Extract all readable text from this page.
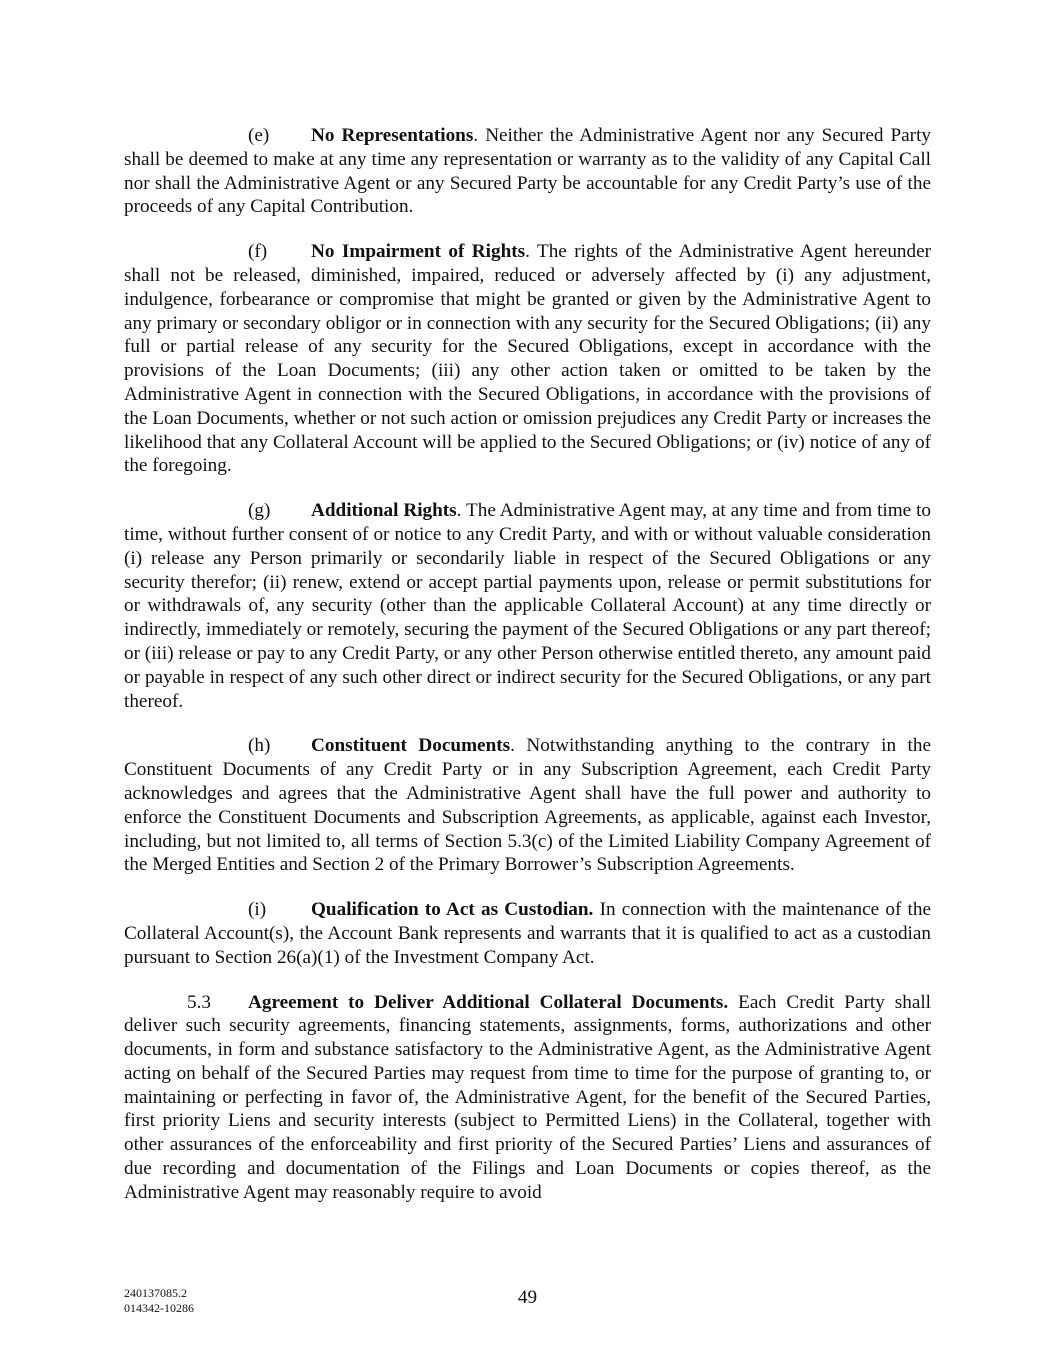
(e) No Representations. Neither the Administrative Agent nor any Secured Party shall be deemed to make at any time any representation or warranty as to the validity of any Capital Call nor shall the Administrative Agent or any Secured Party be accountable for any Credit Party’s use of the proceeds of any Capital Contribution.

(f) No Impairment of Rights. The rights of the Administrative Agent hereunder shall not be released, diminished, impaired, reduced or adversely affected by (i) any adjustment, indulgence, forbearance or compromise that might be granted or given by the Administrative Agent to any primary or secondary obligor or in connection with any security for the Secured Obligations; (ii) any full or partial release of any security for the Secured Obligations, except in accordance with the provisions of the Loan Documents; (iii) any other action taken or omitted to be taken by the Administrative Agent in connection with the Secured Obligations, in accordance with the provisions of the Loan Documents, whether or not such action or omission prejudices any Credit Party or increases the likelihood that any Collateral Account will be applied to the Secured Obligations; or (iv) notice of any of the foregoing.

(g) Additional Rights. The Administrative Agent may, at any time and from time to time, without further consent of or notice to any Credit Party, and with or without valuable consideration (i) release any Person primarily or secondarily liable in respect of the Secured Obligations or any security therefor; (ii) renew, extend or accept partial payments upon, release or permit substitutions for or withdrawals of, any security (other than the applicable Collateral Account) at any time directly or indirectly, immediately or remotely, securing the payment of the Secured Obligations or any part thereof; or (iii) release or pay to any Credit Party, or any other Person otherwise entitled thereto, any amount paid or payable in respect of any such other direct or indirect security for the Secured Obligations, or any part thereof.

(h) Constituent Documents. Notwithstanding anything to the contrary in the Constituent Documents of any Credit Party or in any Subscription Agreement, each Credit Party acknowledges and agrees that the Administrative Agent shall have the full power and authority to enforce the Constituent Documents and Subscription Agreements, as applicable, against each Investor, including, but not limited to, all terms of Section 5.3(c) of the Limited Liability Company Agreement of the Merged Entities and Section 2 of the Primary Borrower’s Subscription Agreements.

(i) Qualification to Act as Custodian. In connection with the maintenance of the Collateral Account(s), the Account Bank represents and warrants that it is qualified to act as a custodian pursuant to Section 26(a)(1) of the Investment Company Act.

5.3 Agreement to Deliver Additional Collateral Documents. Each Credit Party shall deliver such security agreements, financing statements, assignments, forms, authorizations and other documents, in form and substance satisfactory to the Administrative Agent, as the Administrative Agent acting on behalf of the Secured Parties may request from time to time for the purpose of granting to, or maintaining or perfecting in favor of, the Administrative Agent, for the benefit of the Secured Parties, first priority Liens and security interests (subject to Permitted Liens) in the Collateral, together with other assurances of the enforceability and first priority of the Secured Parties’ Liens and assurances of due recording and documentation of the Filings and Loan Documents or copies thereof, as the Administrative Agent may reasonably require to avoid

240137085.2
014342-10286	49
